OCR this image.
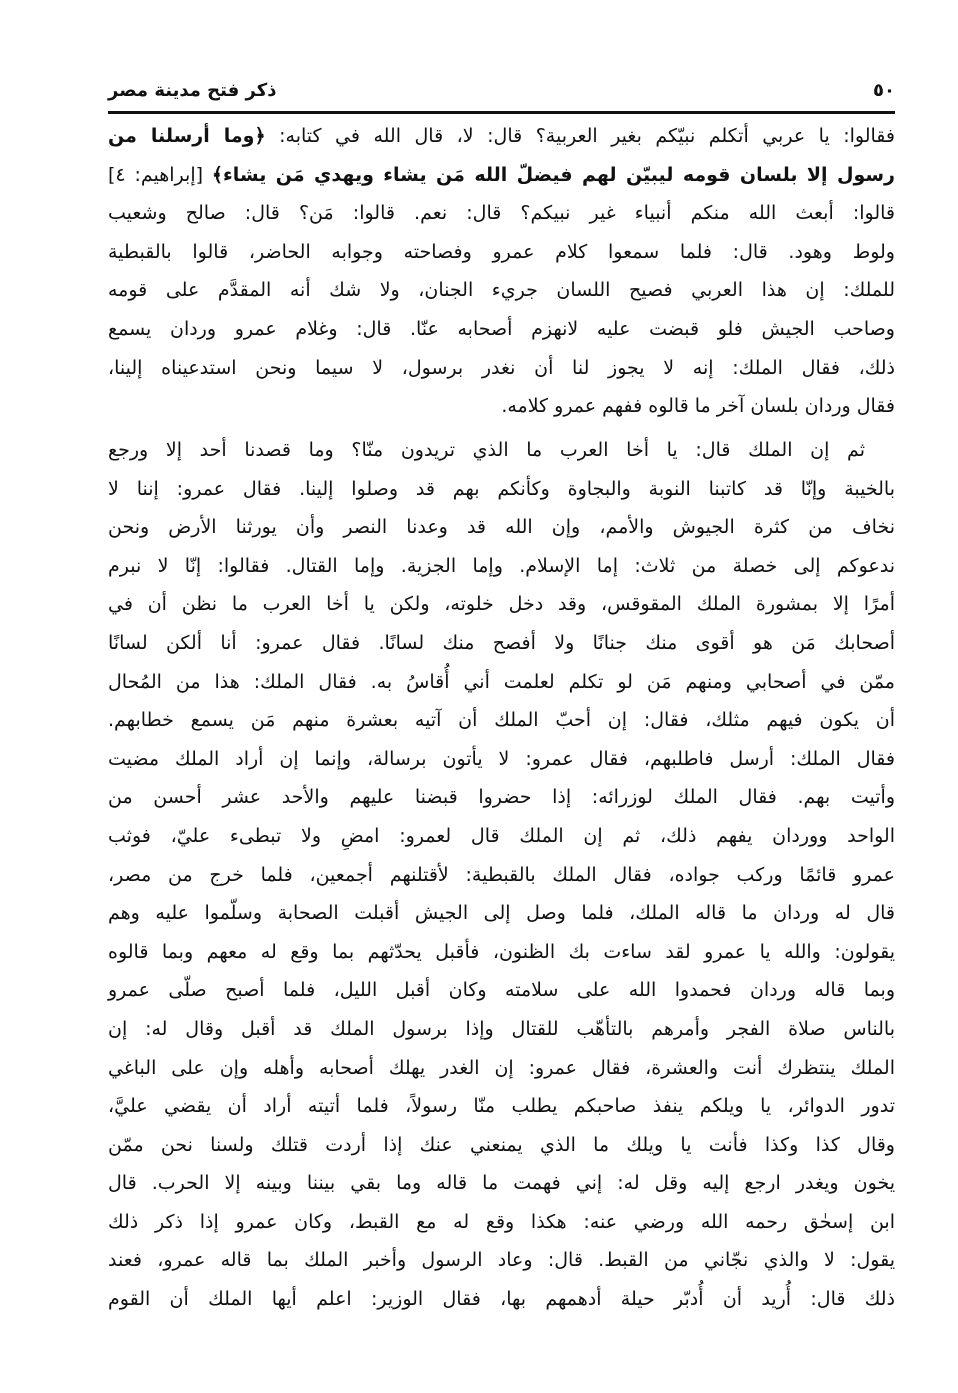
٥٠
ذكر فتح مدينة مصر
فقالوا: يا عربي أتكلم نبيّكم بغير العربية؟ قال: لا، قال الله في كتابه: ﴿وما أرسلنا من
رسول إلا بلسان قومه ليبيّن لهم فيضلّ الله مَن يشاء ويهدي مَن يشاء﴾ [إبراهيم: ٤]
قالوا: أبعث الله منكم أنبياء غير نبيكم؟ قال: نعم. قالوا: مَن؟ قال: صالح وشعيب
ولوط وهود. قال: فلما سمعوا كلام عمرو وفصاحته وجوابه الحاضر، قالوا بالقبطية
للملك: إن هذا العربي فصيح اللسان جريء الجنان، ولا شك أنه المقدَّم على قومه
وصاحب الجيش فلو قبضت عليه لانهزم أصحابه عنّا. قال: وغلام عمرو وردان يسمع
ذلك، فقال الملك: إنه لا يجوز لنا أن نغدر برسول، لا سيما ونحن استدعيناه إلينا،
فقال وردان بلسان آخر ما قالوه ففهم عمرو كلامه.
ثم إن الملك قال: يا أخا العرب ما الذي تريدون منّا؟ وما قصدنا أحد إلا ورجع
بالخيبة وإنّا قد كاتبنا النوبة والبجاوة وكأنكم بهم قد وصلوا إلينا. فقال عمرو: إننا لا
نخاف من كثرة الجيوش والأمم، وإن الله قد وعدنا النصر وأن يورثنا الأرض ونحن
ندعوكم إلى خصلة من ثلاث: إما الإسلام. وإما الجزية. وإما القتال. فقالوا: إنّا لا نبرم
أمرًا إلا بمشورة الملك المقوقس، وقد دخل خلوته، ولكن يا أخا العرب ما نظن أن في
أصحابك مَن هو أقوى منك جنانًا ولا أفصح منك لسانًا. فقال عمرو: أنا ألكن لسانًا
ممّن في أصحابي ومنهم مَن لو تكلم لعلمت أني أُقاسُ به. فقال الملك: هذا من المُحال
أن يكون فيهم مثلك، فقال: إن أحبّ الملك أن آتيه بعشرة منهم مَن يسمع خطابهم.
فقال الملك: أرسل فاطلبهم، فقال عمرو: لا يأتون برسالة، وإنما إن أراد الملك مضيت
وأتيت بهم. فقال الملك لوزرائه: إذا حضروا قبضنا عليهم والأحد عشر أحسن من
الواحد ووردان يفهم ذلك، ثم إن الملك قال لعمرو: امضِ ولا تبطىء عليّ، فوثب
عمرو قائمًا وركب جواده، فقال الملك بالقبطية: لأقتلنهم أجمعين، فلما خرج من مصر،
قال له وردان ما قاله الملك، فلما وصل إلى الجيش أقبلت الصحابة وسلّموا عليه وهم
يقولون: والله يا عمرو لقد ساءت بك الظنون، فأقبل يحدّثهم بما وقع له معهم وبما قالوه
وبما قاله وردان فحمدوا الله على سلامته وكان أقبل الليل، فلما أصبح صلّى عمرو
بالناس صلاة الفجر وأمرهم بالتأهّب للقتال وإذا برسول الملك قد أقبل وقال له: إن
الملك ينتظرك أنت والعشرة، فقال عمرو: إن الغدر يهلك أصحابه وأهله وإن على الباغي
تدور الدوائر، يا ويلكم ينفذ صاحبكم يطلب منّا رسولاً، فلما أتيته أراد أن يقضي عليَّ،
وقال كذا وكذا فأنت يا ويلك ما الذي يمنعني عنك إذا أردت قتلك ولسنا نحن ممّن
يخون ويغدر ارجع إليه وقل له: إني فهمت ما قاله وما بقي بيننا وبينه إلا الحرب. قال
ابن إسحٰق رحمه الله ورضي عنه: هكذا وقع له مع القبط، وكان عمرو إذا ذكر ذلك
يقول: لا والذي نجّاني من القبط. قال: وعاد الرسول وأخبر الملك بما قاله عمرو، فعند
ذلك قال: أُريد أن أُدبّر حيلة أدهمهم بها، فقال الوزير: اعلم أيها الملك أن القوم
